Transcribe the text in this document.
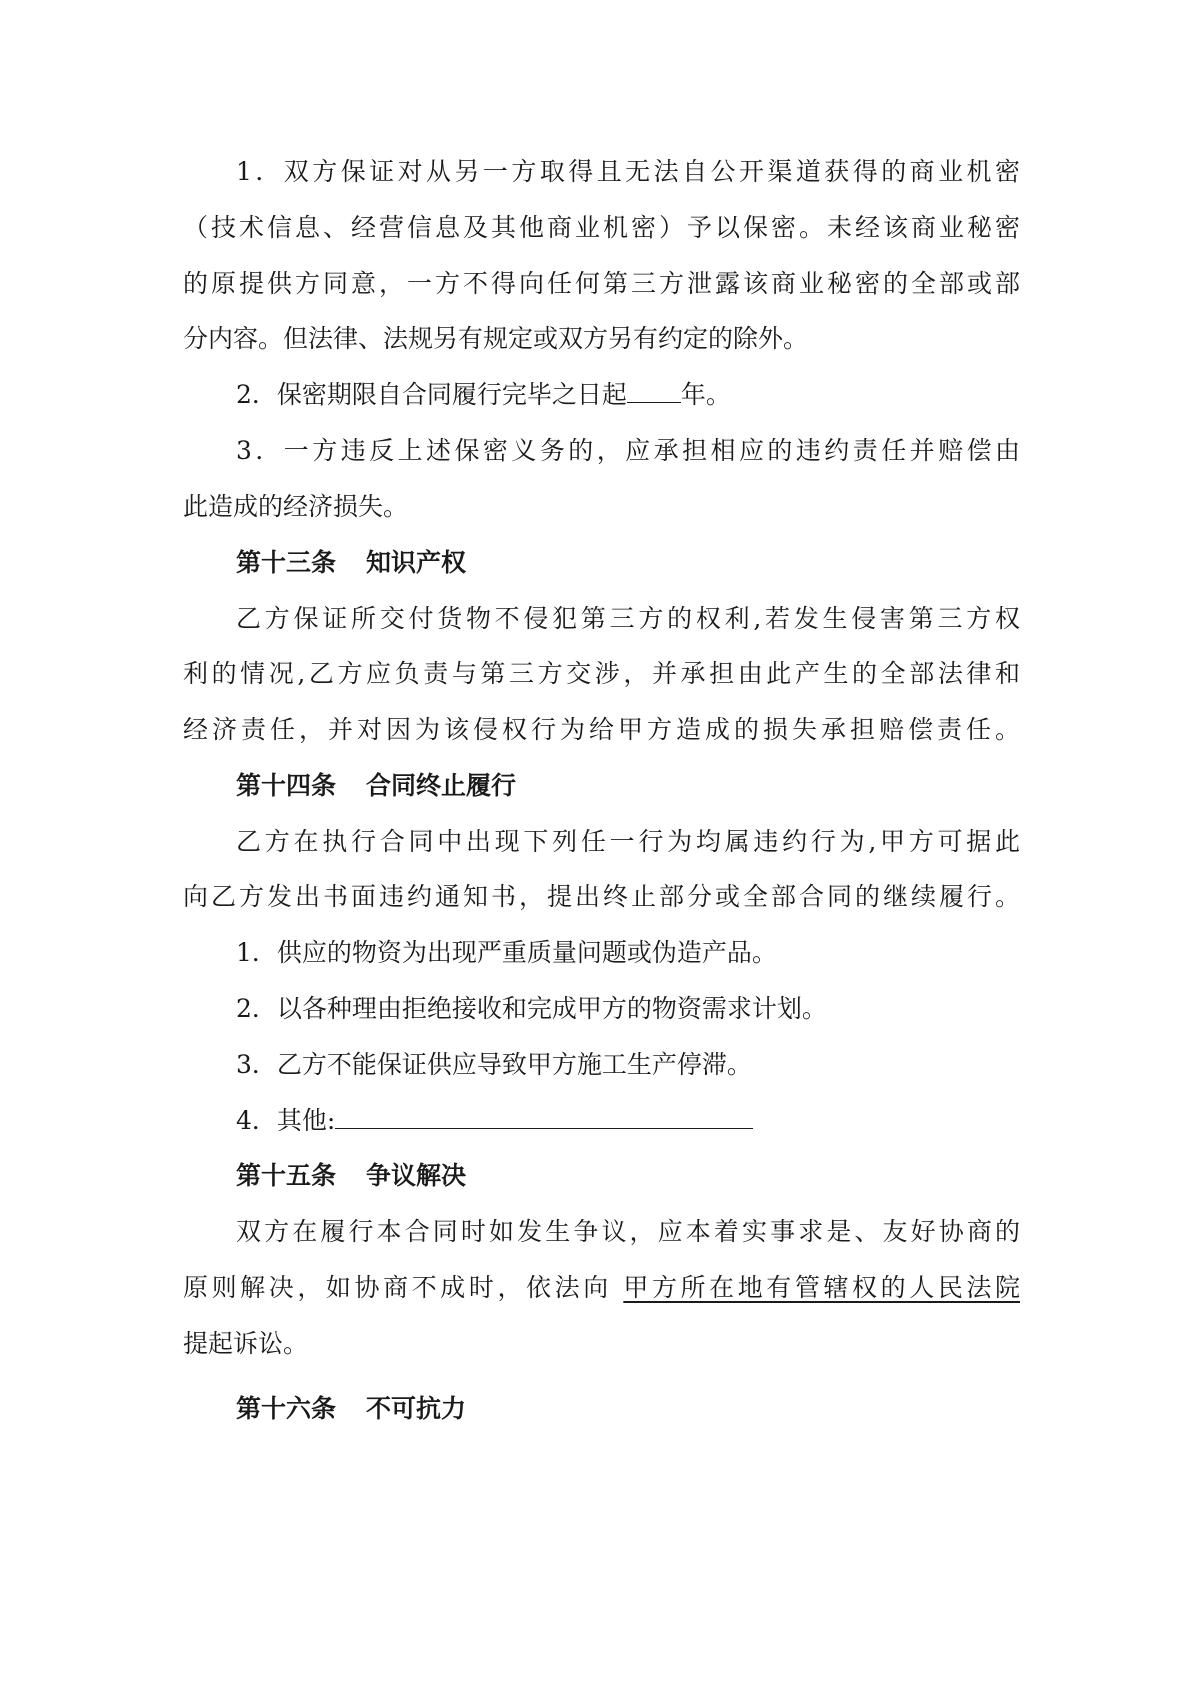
1．双方保证对从另一方取得且无法自公开渠道获得的商业机密
（技术信息、经营信息及其他商业机密）予以保密。未经该商业秘密
的原提供方同意，一方不得向任何第三方泄露该商业秘密的全部或部
分内容。但法律、法规另有规定或双方另有约定的除外。
2．保密期限自合同履行完毕之日起 年。
3．一方违反上述保密义务的，应承担相应的违约责任并赔偿由
此造成的经济损失。
第十三条 知识产权
乙方保证所交付货物不侵犯第三方的权利,若发生侵害第三方权
利的情况,乙方应负责与第三方交涉，并承担由此产生的全部法律和
经济责任，并对因为该侵权行为给甲方造成的损失承担赔偿责任。
第十四条 合同终止履行
乙方在执行合同中出现下列任一行为均属违约行为,甲方可据此
向乙方发出书面违约通知书，提出终止部分或全部合同的继续履行。
1．供应的物资为出现严重质量问题或伪造产品。
2．以各种理由拒绝接收和完成甲方的物资需求计划。
3．乙方不能保证供应导致甲方施工生产停滞。
4．其他:
第十五条 争议解决
双方在履行本合同时如发生争议，应本着实事求是、友好协商的
原则解决，如协商不成时，依法向 甲方所在地有管辖权的人民法院
提起诉讼。
第十六条 不可抗力
